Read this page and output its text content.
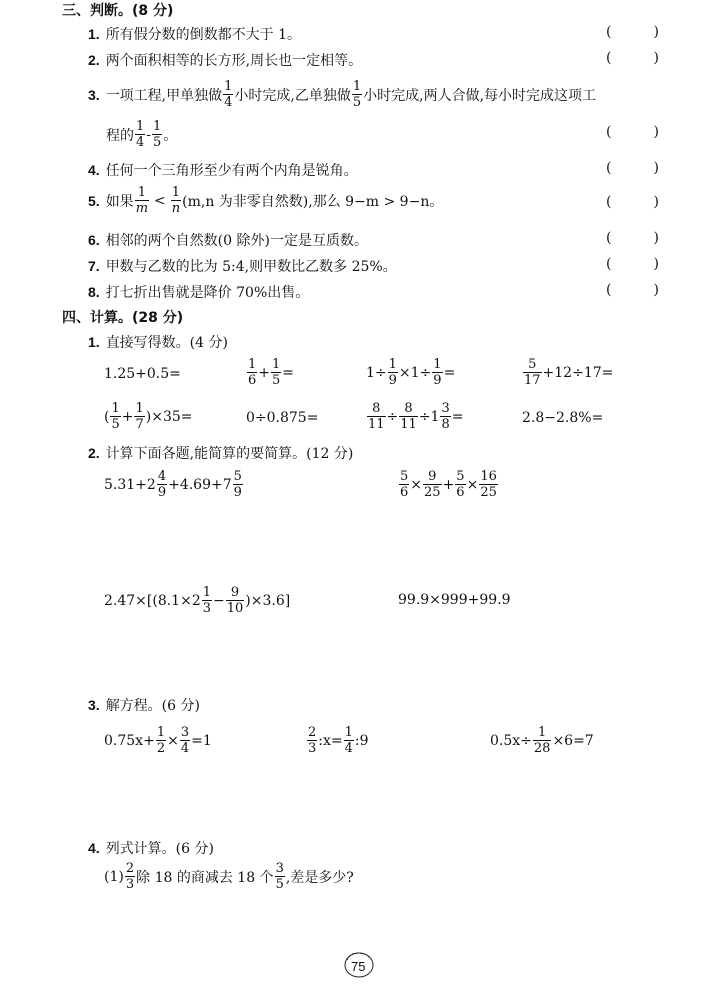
三、判断。(8 分)
1. 所有假分数的倒数都不大于 1。	(	)
2. 两个面积相等的长方形,周长也一定相等。	(	)
3. 一项工程,甲单独做 $\frac{1}{4}$ 小时完成,乙单独做 $\frac{1}{5}$ 小时完成,两人合做,每小时完成这项工
程的 $\frac{1}{4} - \frac{1}{5}$ 。	(	)
4. 任何一个三角形至少有两个内角是锐角。	(	)
5. 如果 $\frac{1}{m} < \frac{1}{n} (m,n$ 为非零自然数),那么 9−m > 9−n。	(	)
6. 相邻的两个自然数(0 除外)一定是互质数。	(	)
7. 甲数与乙数的比为 5:4,则甲数比乙数多 25%。	(	)
8. 打七折出售就是降价 70%出售。	(	)
四、计算。(28 分)
1. 直接写得数。(4 分)
1.25+0.5=	$\frac{1}{6} + \frac{1}{5}$ =	$1\div \frac{1}{9} \times 1\div \frac{1}{9}$ =	$\frac{5}{17} +12\div 17=$
( $\frac{1}{5} + \frac{1}{7} )\times 35=$	0÷0.875=	$\frac{8}{11} \div \frac{8}{11} \div 1 \frac{3}{8}$ =	2.8−2.8%=
2. 计算下面各题,能简算的要简算。(12 分)
$5.31+2 \frac{4}{9} +4.69+7 \frac{5}{9}$	$\frac{5}{6} \times \frac{9}{25} + \frac{5}{6} \times \frac{16}{25}$
$2.47\times[(8.1\times 2 \frac{1}{3} - \frac{9}{10} )\times 3.6]$	99.9×999+99.9
3. 解方程。(6 分)
$0.75x+ \frac{1}{2} \times \frac{3}{4} =1$	$\frac{2}{3}$ :x= $\frac{1}{4}$ :9	$0.5x\div \frac{1}{28} \times 6=7$
4. 列式计算。(6 分)
$(1) \frac{2}{3}$ 除 18 的商减去 18 个 $\frac{3}{5}$ ,差是多少?
75
